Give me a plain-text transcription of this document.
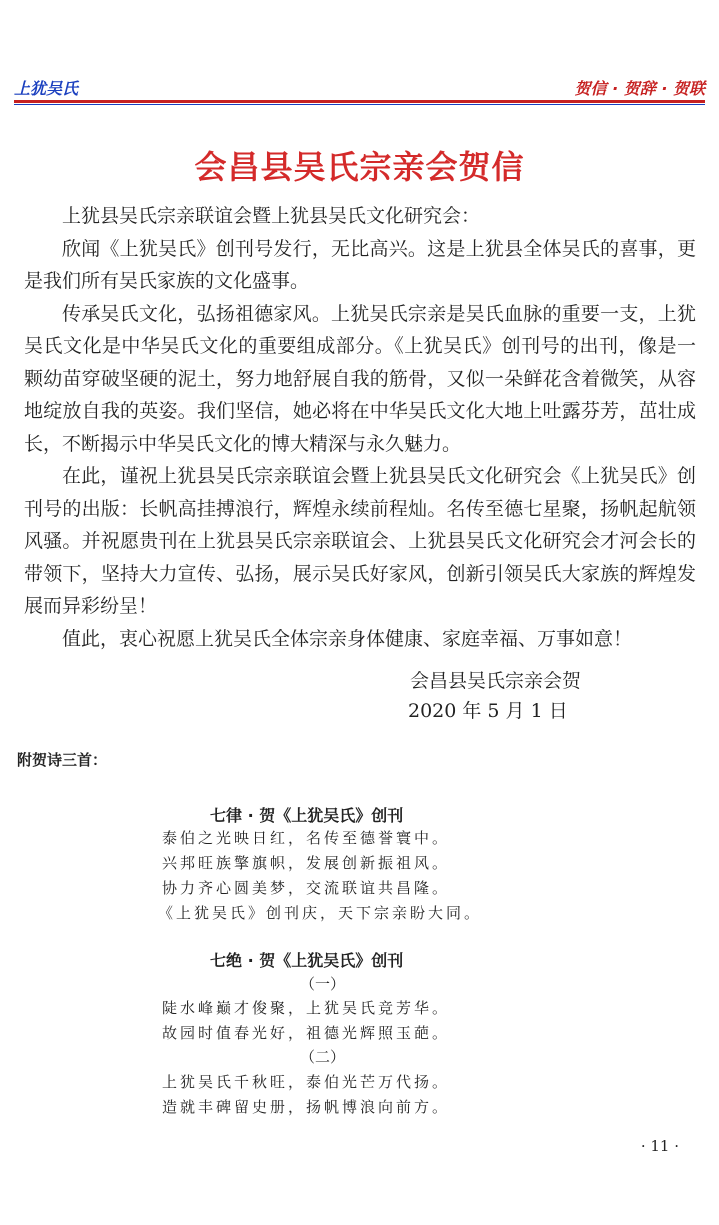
上犹吴氏	贺信 · 贺辞 · 贺联
会昌县吴氏宗亲会贺信

上犹县吴氏宗亲联谊会暨上犹县吴氏文化研究会：

欣闻《上犹吴氏》创刊号发行，无比高兴。这是上犹县全体吴氏的喜事，更是我们所有吴氏家族的文化盛事。

传承吴氏文化，弘扬祖德家风。上犹吴氏宗亲是吴氏血脉的重要一支，上犹吴氏文化是中华吴氏文化的重要组成部分。《上犹吴氏》创刊号的出刊，像是一颗幼苗穿破坚硬的泥土，努力地舒展自我的筋骨，又似一朵鲜花含着微笑，从容地绽放自我的英姿。我们坚信，她必将在中华吴氏文化大地上吐露芬芳，茁壮成长，不断揭示中华吴氏文化的博大精深与永久魅力。

在此，谨祝上犹县吴氏宗亲联谊会暨上犹县吴氏文化研究会《上犹吴氏》创刊号的出版：长帆高挂搏浪行，辉煌永续前程灿。名传至德七星聚，扬帆起航领风骚。并祝愿贵刊在上犹县吴氏宗亲联谊会、上犹县吴氏文化研究会才河会长的带领下，坚持大力宣传、弘扬，展示吴氏好家风，创新引领吴氏大家族的辉煌发展而异彩纷呈！

值此，衷心祝愿上犹吴氏全体宗亲身体健康、家庭幸福、万事如意！

会昌县吴氏宗亲会贺
2020 年 5 月 1 日
附贺诗三首：
七律 · 贺《上犹吴氏》创刊
泰伯之光映日红，名传至德誉寰中。
兴邦旺族擎旗帜，发展创新振祖风。
协力齐心圆美梦，交流联谊共昌隆。
《上犹吴氏》创刊庆，天下宗亲盼大同。
七绝 · 贺《上犹吴氏》创刊
（一）
陡水峰巅才俊聚，上犹吴氏竞芳华。
故园时值春光好，祖德光辉照玉葩。
（二）
上犹吴氏千秋旺，泰伯光芒万代扬。
造就丰碑留史册，扬帆博浪向前方。
· 11 ·
